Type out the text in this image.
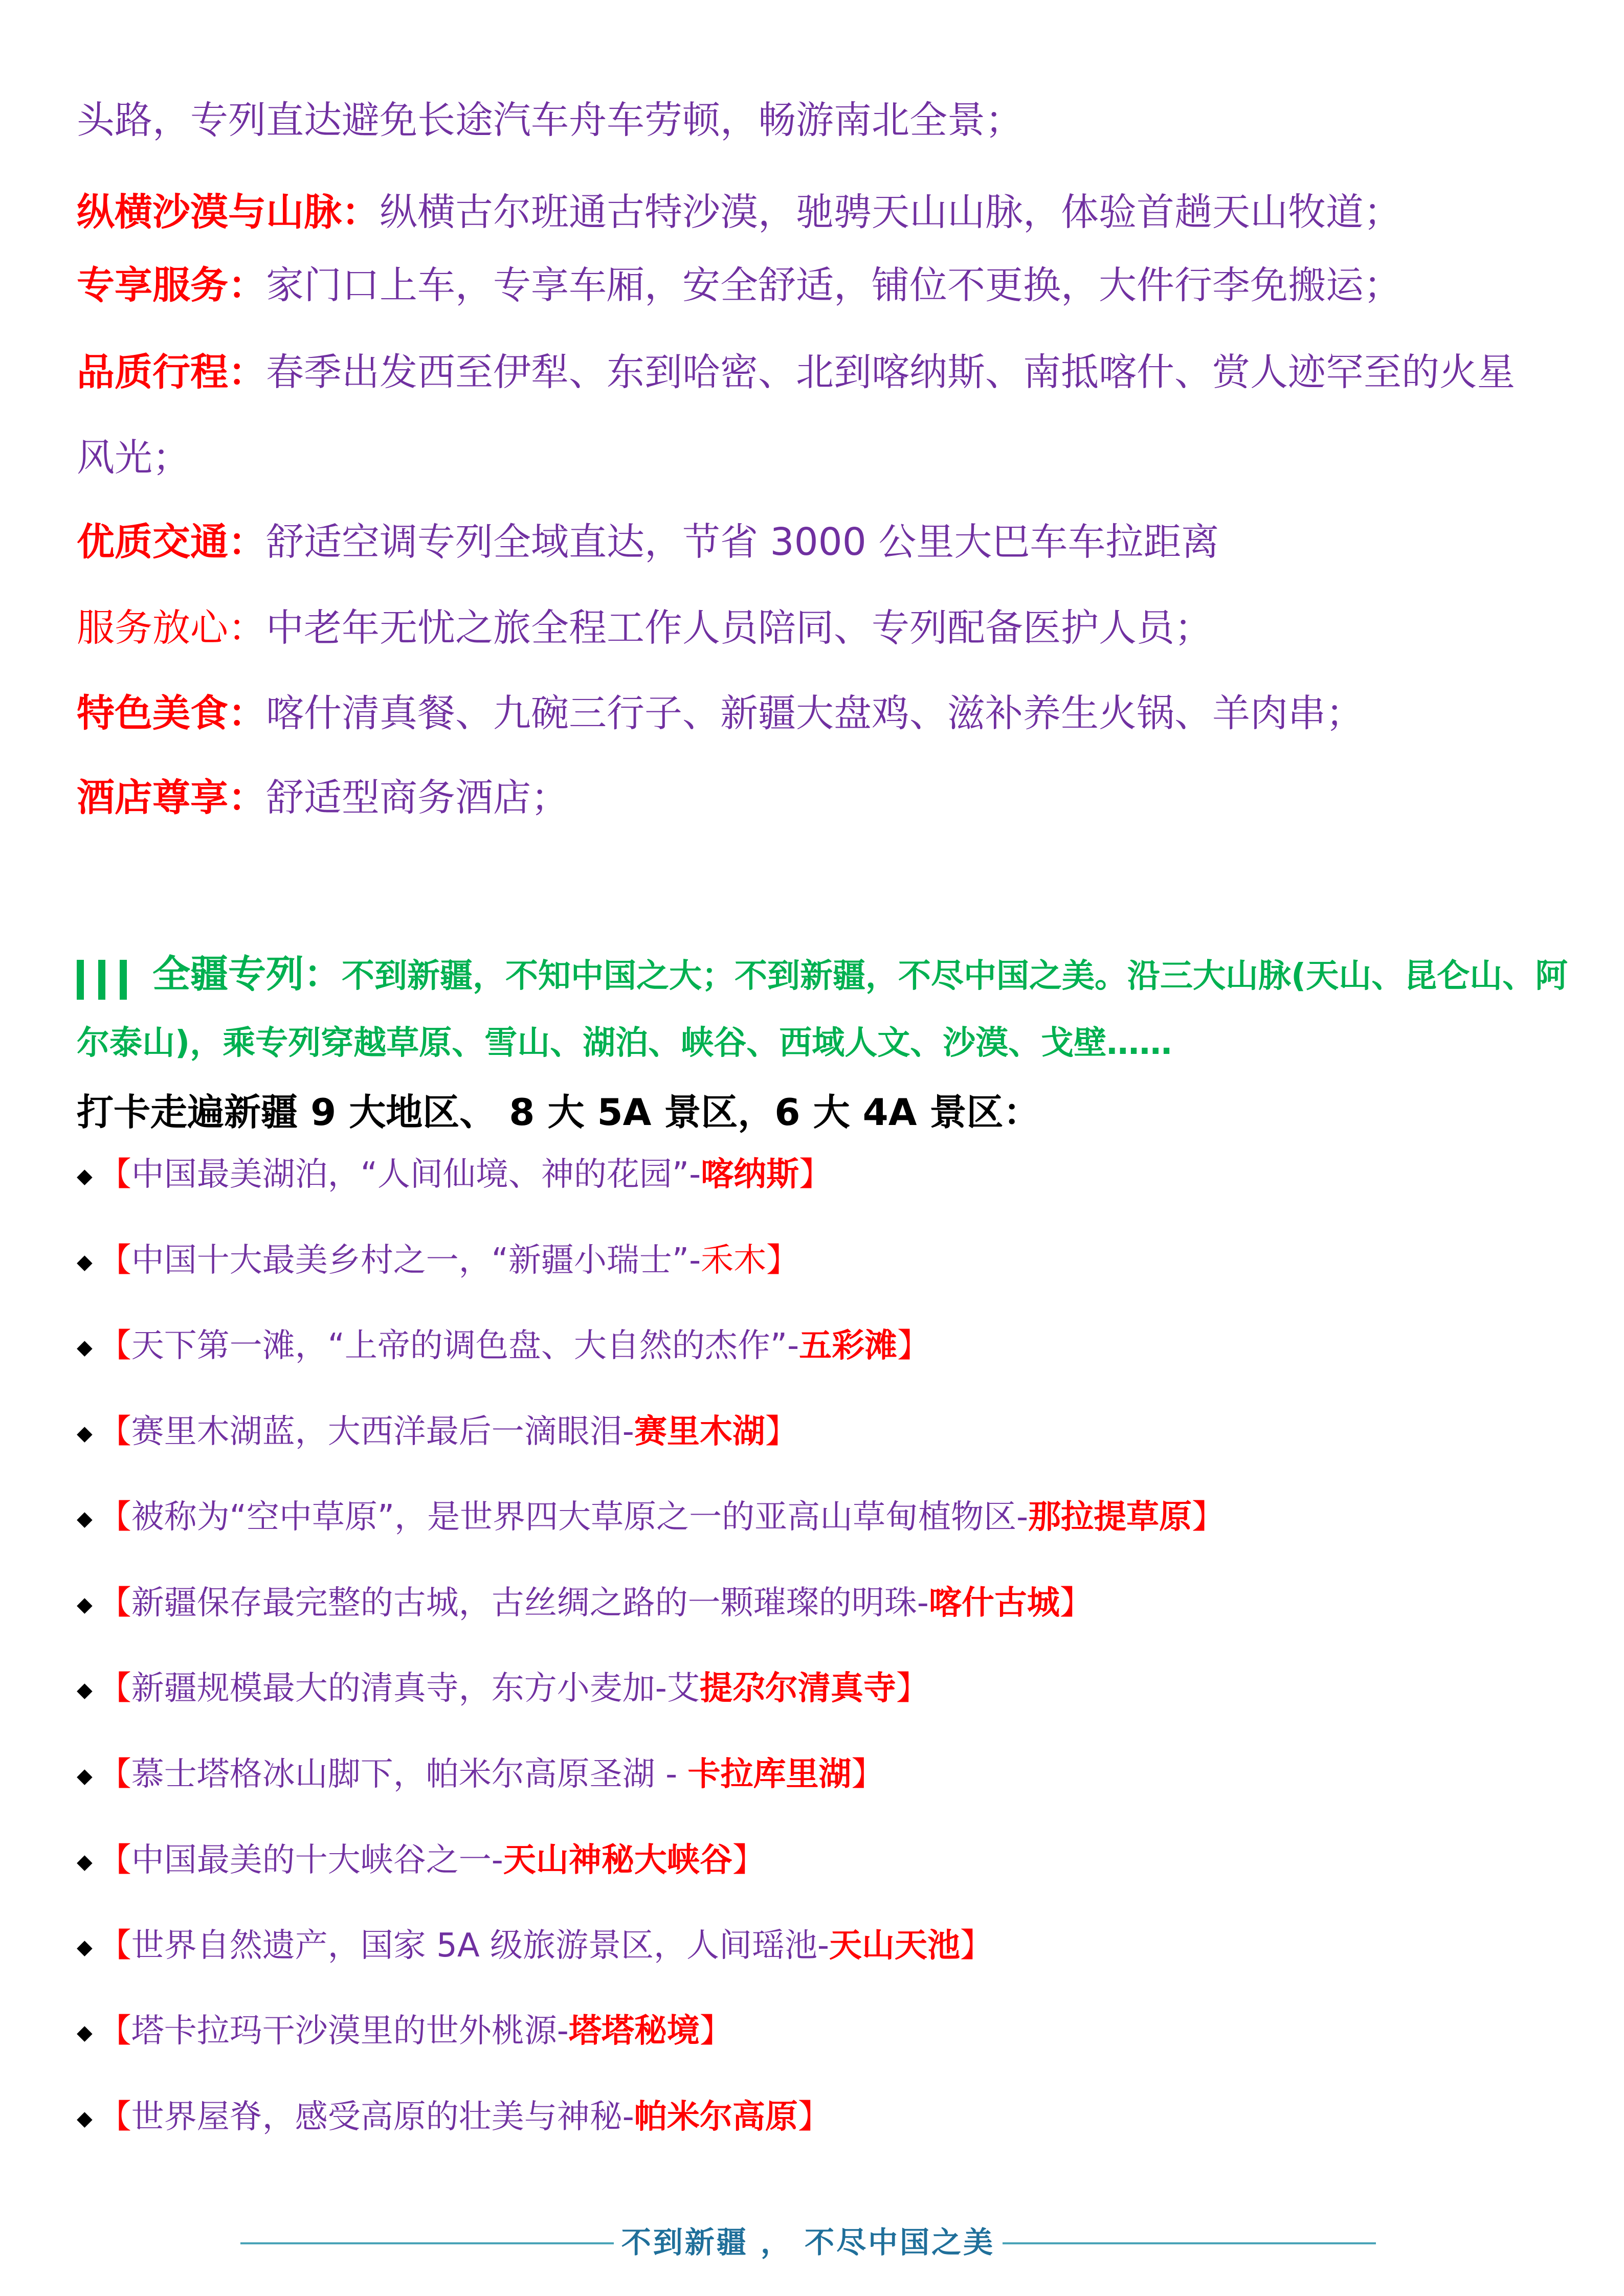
头路，专列直达避免长途汽车舟车劳顿，畅游南北全景；
纵横沙漠与山脉：纵横古尔班通古特沙漠，驰骋天山山脉，体验首趟天山牧道；
专享服务：家门口上车，专享车厢，安全舒适，铺位不更换，大件行李免搬运；
品质行程：春季出发西至伊犁、东到哈密、北到喀纳斯、南抵喀什、赏人迹罕至的火星
风光；
优质交通：舒适空调专列全域直达，节省 3000 公里大巴车车拉距离
服务放心：中老年无忧之旅全程工作人员陪同、专列配备医护人员；
特色美食：喀什清真餐、九碗三行子、新疆大盘鸡、滋补养生火锅、羊肉串；
酒店尊享：舒适型商务酒店；
全疆专列：不到新疆，不知中国之大；不到新疆，不尽中国之美。沿三大山脉(天山、昆仑山、阿
尔泰山)，乘专列穿越草原、雪山、湖泊、峡谷、西域人文、沙漠、戈壁……
打卡走遍新疆 9 大地区、 8 大 5A 景区，6 大 4A 景区：
◆ 【中国最美湖泊，“人间仙境、神的花园”-喀纳斯】
◆ 【中国十大最美乡村之一，“新疆小瑞士”-禾木】
◆ 【天下第一滩，“上帝的调色盘、大自然的杰作”-五彩滩】
◆ 【赛里木湖蓝，大西洋最后一滴眼泪-赛里木湖】
◆ 【被称为“空中草原”，是世界四大草原之一的亚高山草甸植物区-那拉提草原】
◆ 【新疆保存最完整的古城，古丝绸之路的一颗璀璨的明珠-喀什古城】
◆ 【新疆规模最大的清真寺，东方小麦加-艾提尕尔清真寺】
◆ 【慕士塔格冰山脚下，帕米尔高原圣湖 - 卡拉库里湖】
◆ 【中国最美的十大峡谷之一-天山神秘大峡谷】
◆ 【世界自然遗产，国家 5A 级旅游景区，人间瑶池-天山天池】
◆ 【塔卡拉玛干沙漠里的世外桃源-塔塔秘境】
◆ 【世界屋脊，感受高原的壮美与神秘-帕米尔高原】
不到新疆 ， 不尽中国之美
